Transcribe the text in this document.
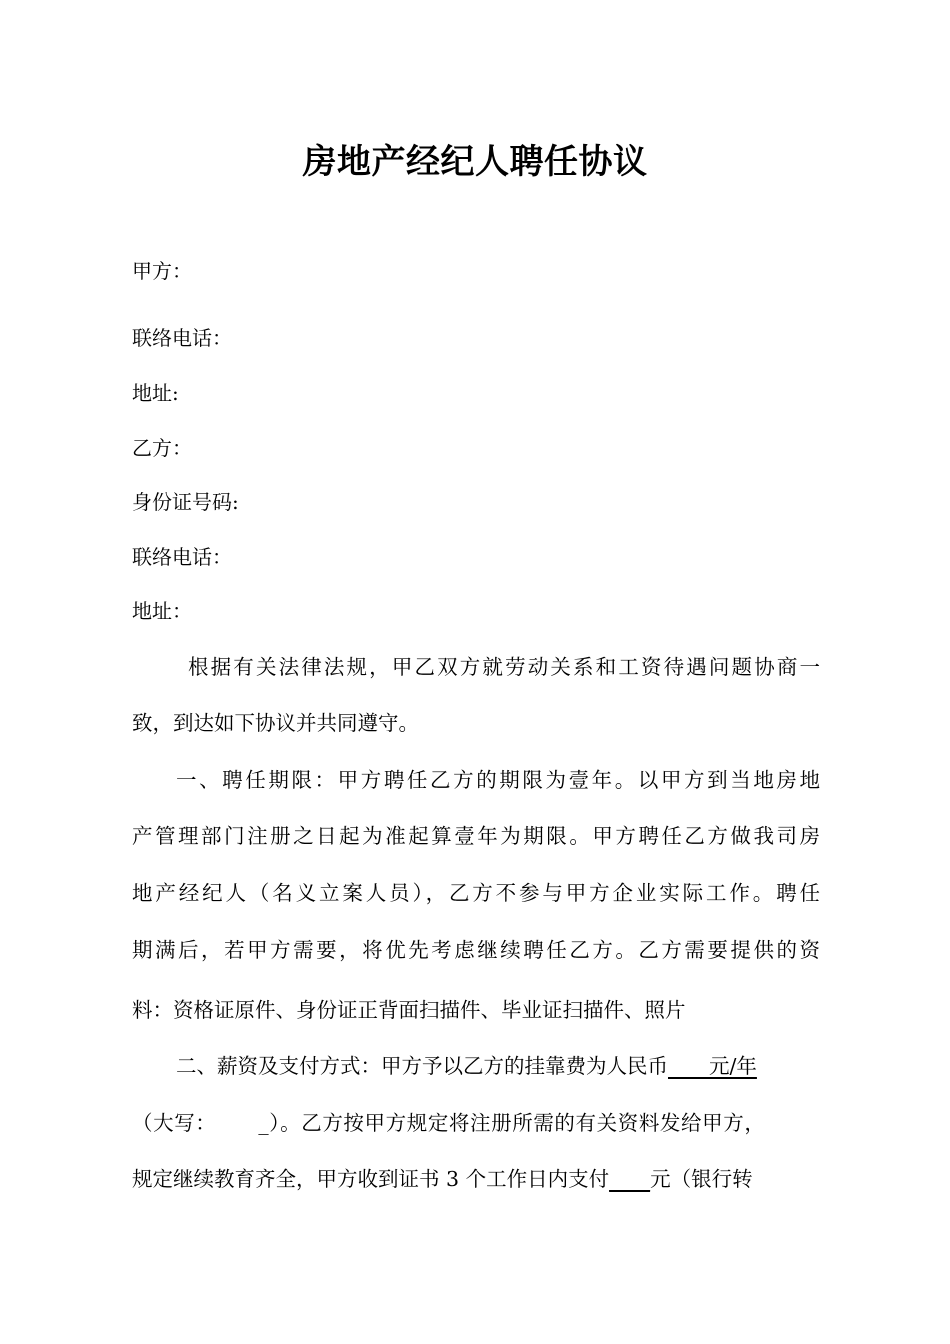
房地产经纪人聘任协议
甲方：
联络电话：
地址:
乙方：
身份证号码:
联络电话：
地址：
根据有关法律法规，甲乙双方就劳动关系和工资待遇问题协商一
致，到达如下协议并共同遵守。
一、聘任期限：甲方聘任乙方的期限为壹年。以甲方到当地房地
产管理部门注册之日起为准起算壹年为期限。甲方聘任乙方做我司房
地产经纪人（名义立案人员），乙方不参与甲方企业实际工作。聘任
期满后，若甲方需要，将优先考虑继续聘任乙方。乙方需要提供的资
料：资格证原件、身份证正背面扫描件、毕业证扫描件、照片
二、薪资及支付方式：甲方予以乙方的挂靠费为人民币____元/年
（大写： _）。乙方按甲方规定将注册所需的有关资料发给甲方，
规定继续教育齐全，甲方收到证书 3 个工作日内支付____元（银行转
